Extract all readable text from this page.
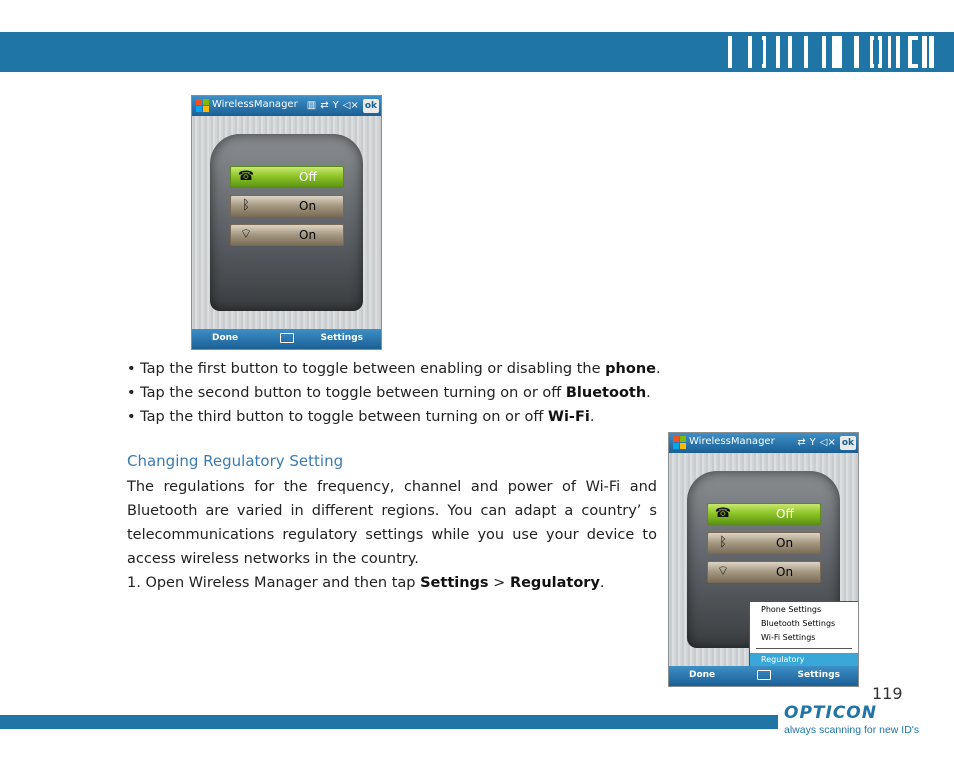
WirelessManager ▥ ⇄ Y ◁× ok
☎	Off
ᛒ	On
⌔	On
Done	Settings

• Tap the first button to toggle between enabling or disabling the phone.

• Tap the second button to toggle between turning on or off Bluetooth.

• Tap the third button to toggle between turning on or off Wi-Fi.

Changing Regulatory Setting
The regulations for the frequency, channel and power of Wi-Fi and Bluetooth are varied in different regions. You can adapt a country’ s telecommunications regulatory settings while you use your device to access wireless networks in the country.
1. Open Wireless Manager and then tap Settings > Regulatory.
WirelessManager ⇄ Y ◁× ok
☎	Off
ᛒ	On
⌔	On
Phone Settings
Bluetooth Settings
Wi-Fi Settings
Regulatory
Done	Settings
119
OPTICON
always scanning for new ID's
